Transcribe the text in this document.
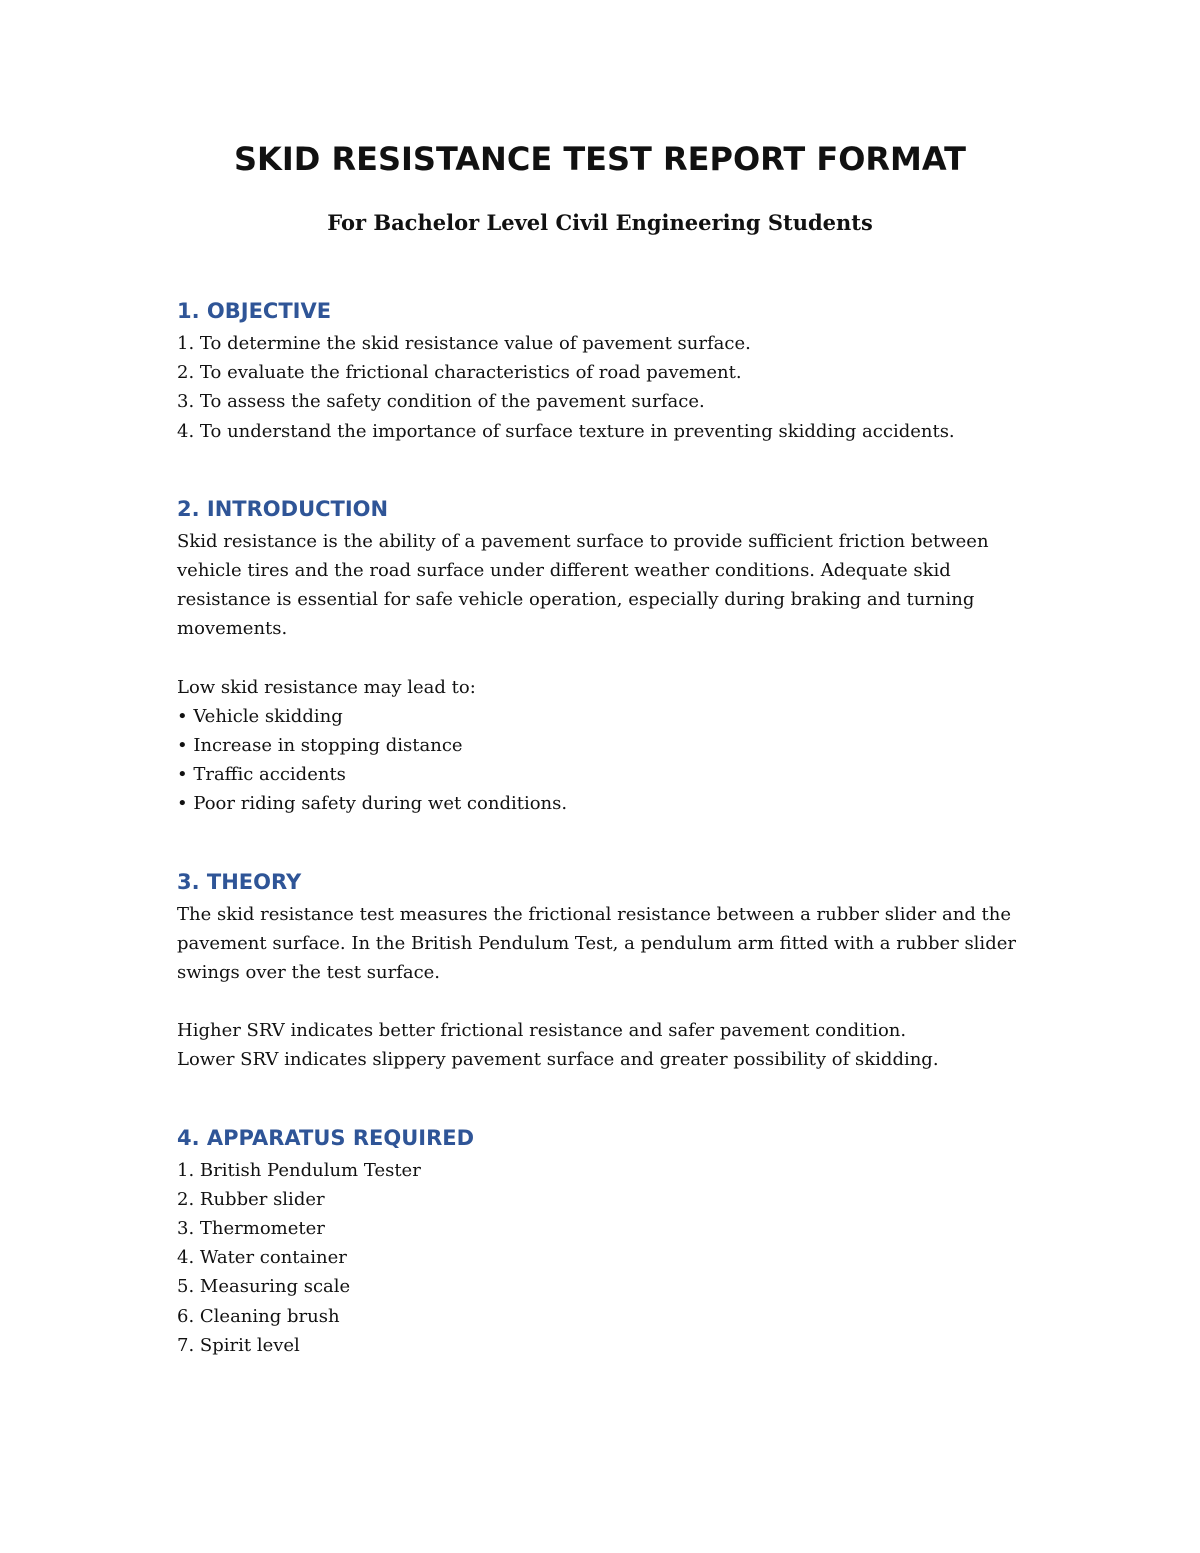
SKID RESISTANCE TEST REPORT FORMAT
For Bachelor Level Civil Engineering Students
1. OBJECTIVE

1. To determine the skid resistance value of pavement surface.

2. To evaluate the frictional characteristics of road pavement.

3. To assess the safety condition of the pavement surface.

4. To understand the importance of surface texture in preventing skidding accidents.

2. INTRODUCTION

Skid resistance is the ability of a pavement surface to provide sufficient friction between

vehicle tires and the road surface under different weather conditions. Adequate skid

resistance is essential for safe vehicle operation, especially during braking and turning

movements.

Low skid resistance may lead to:

• Vehicle skidding

• Increase in stopping distance

• Traffic accidents

• Poor riding safety during wet conditions.

3. THEORY

The skid resistance test measures the frictional resistance between a rubber slider and the

pavement surface. In the British Pendulum Test, a pendulum arm fitted with a rubber slider

swings over the test surface.

Higher SRV indicates better frictional resistance and safer pavement condition.

Lower SRV indicates slippery pavement surface and greater possibility of skidding.

4. APPARATUS REQUIRED

1. British Pendulum Tester

2. Rubber slider

3. Thermometer

4. Water container

5. Measuring scale

6. Cleaning brush

7. Spirit level
